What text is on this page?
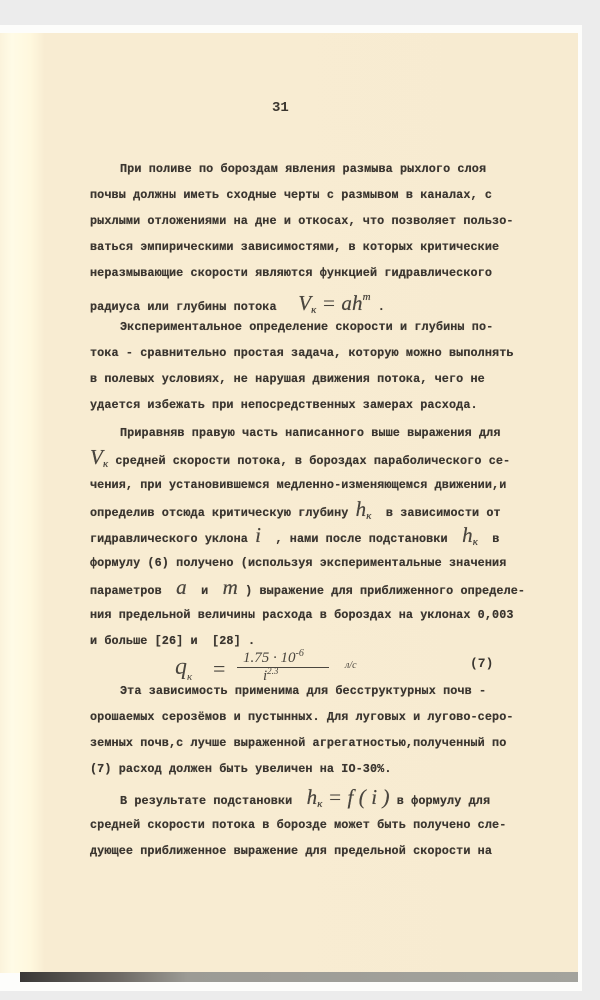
31
При поливе по бороздам явления размыва рыхлого слоя
почвы должны иметь сходные черты с размывом в каналах, с
рыхлыми отложениями на дне и откосах, что позволяет пользо-
ваться эмпирическими зависимостями, в которых критические
неразмывающие скорости являются функцией гидравлического
радиуса или глубины потока   $V_к = ah^m$ .
Экспериментальное определение скорости и глубины по-
тока - сравнительно простая задача, которую можно выполнять
в полевых условиях, не нарушая движения потока, чего не
удается избежать при непосредственных замерах расхода.
Приравняв правую часть написанного выше выражения для
$V_к$ средней скорости потока, в бороздах параболического се-
чения, при установившемся медленно-изменяющемся движении,и
определив отсюда критическую глубину $h_к$  в зависимости от
гидравлического уклона i  , нами после подстановки  $h_к$  в
формулу (6) получено (используя экспериментальные значения
параметров  a  и  m ) выражение для приближенного определе-
ния предельной величины расхода в бороздах на уклонах 0,003
и больше [26] и  [28] .
Эта зависимость применима для бесструктурных почв -
орошаемых серозёмов и пустынных. Для луговых и лугово-серо-
земных почв,с лучше выраженной агрегатностью,полученный по
(7) расход должен быть увеличен на IO-30%.
В результате подстановки  $h_к = f$ ( i ) в формулу для
средней скорости потока в борозде может быть получено сле-
дующее приближенное выражение для предельной скорости на
$q_к = 1.75 \cdot 10^{-6}$
$i^{2.3}$	л/с	(7)
